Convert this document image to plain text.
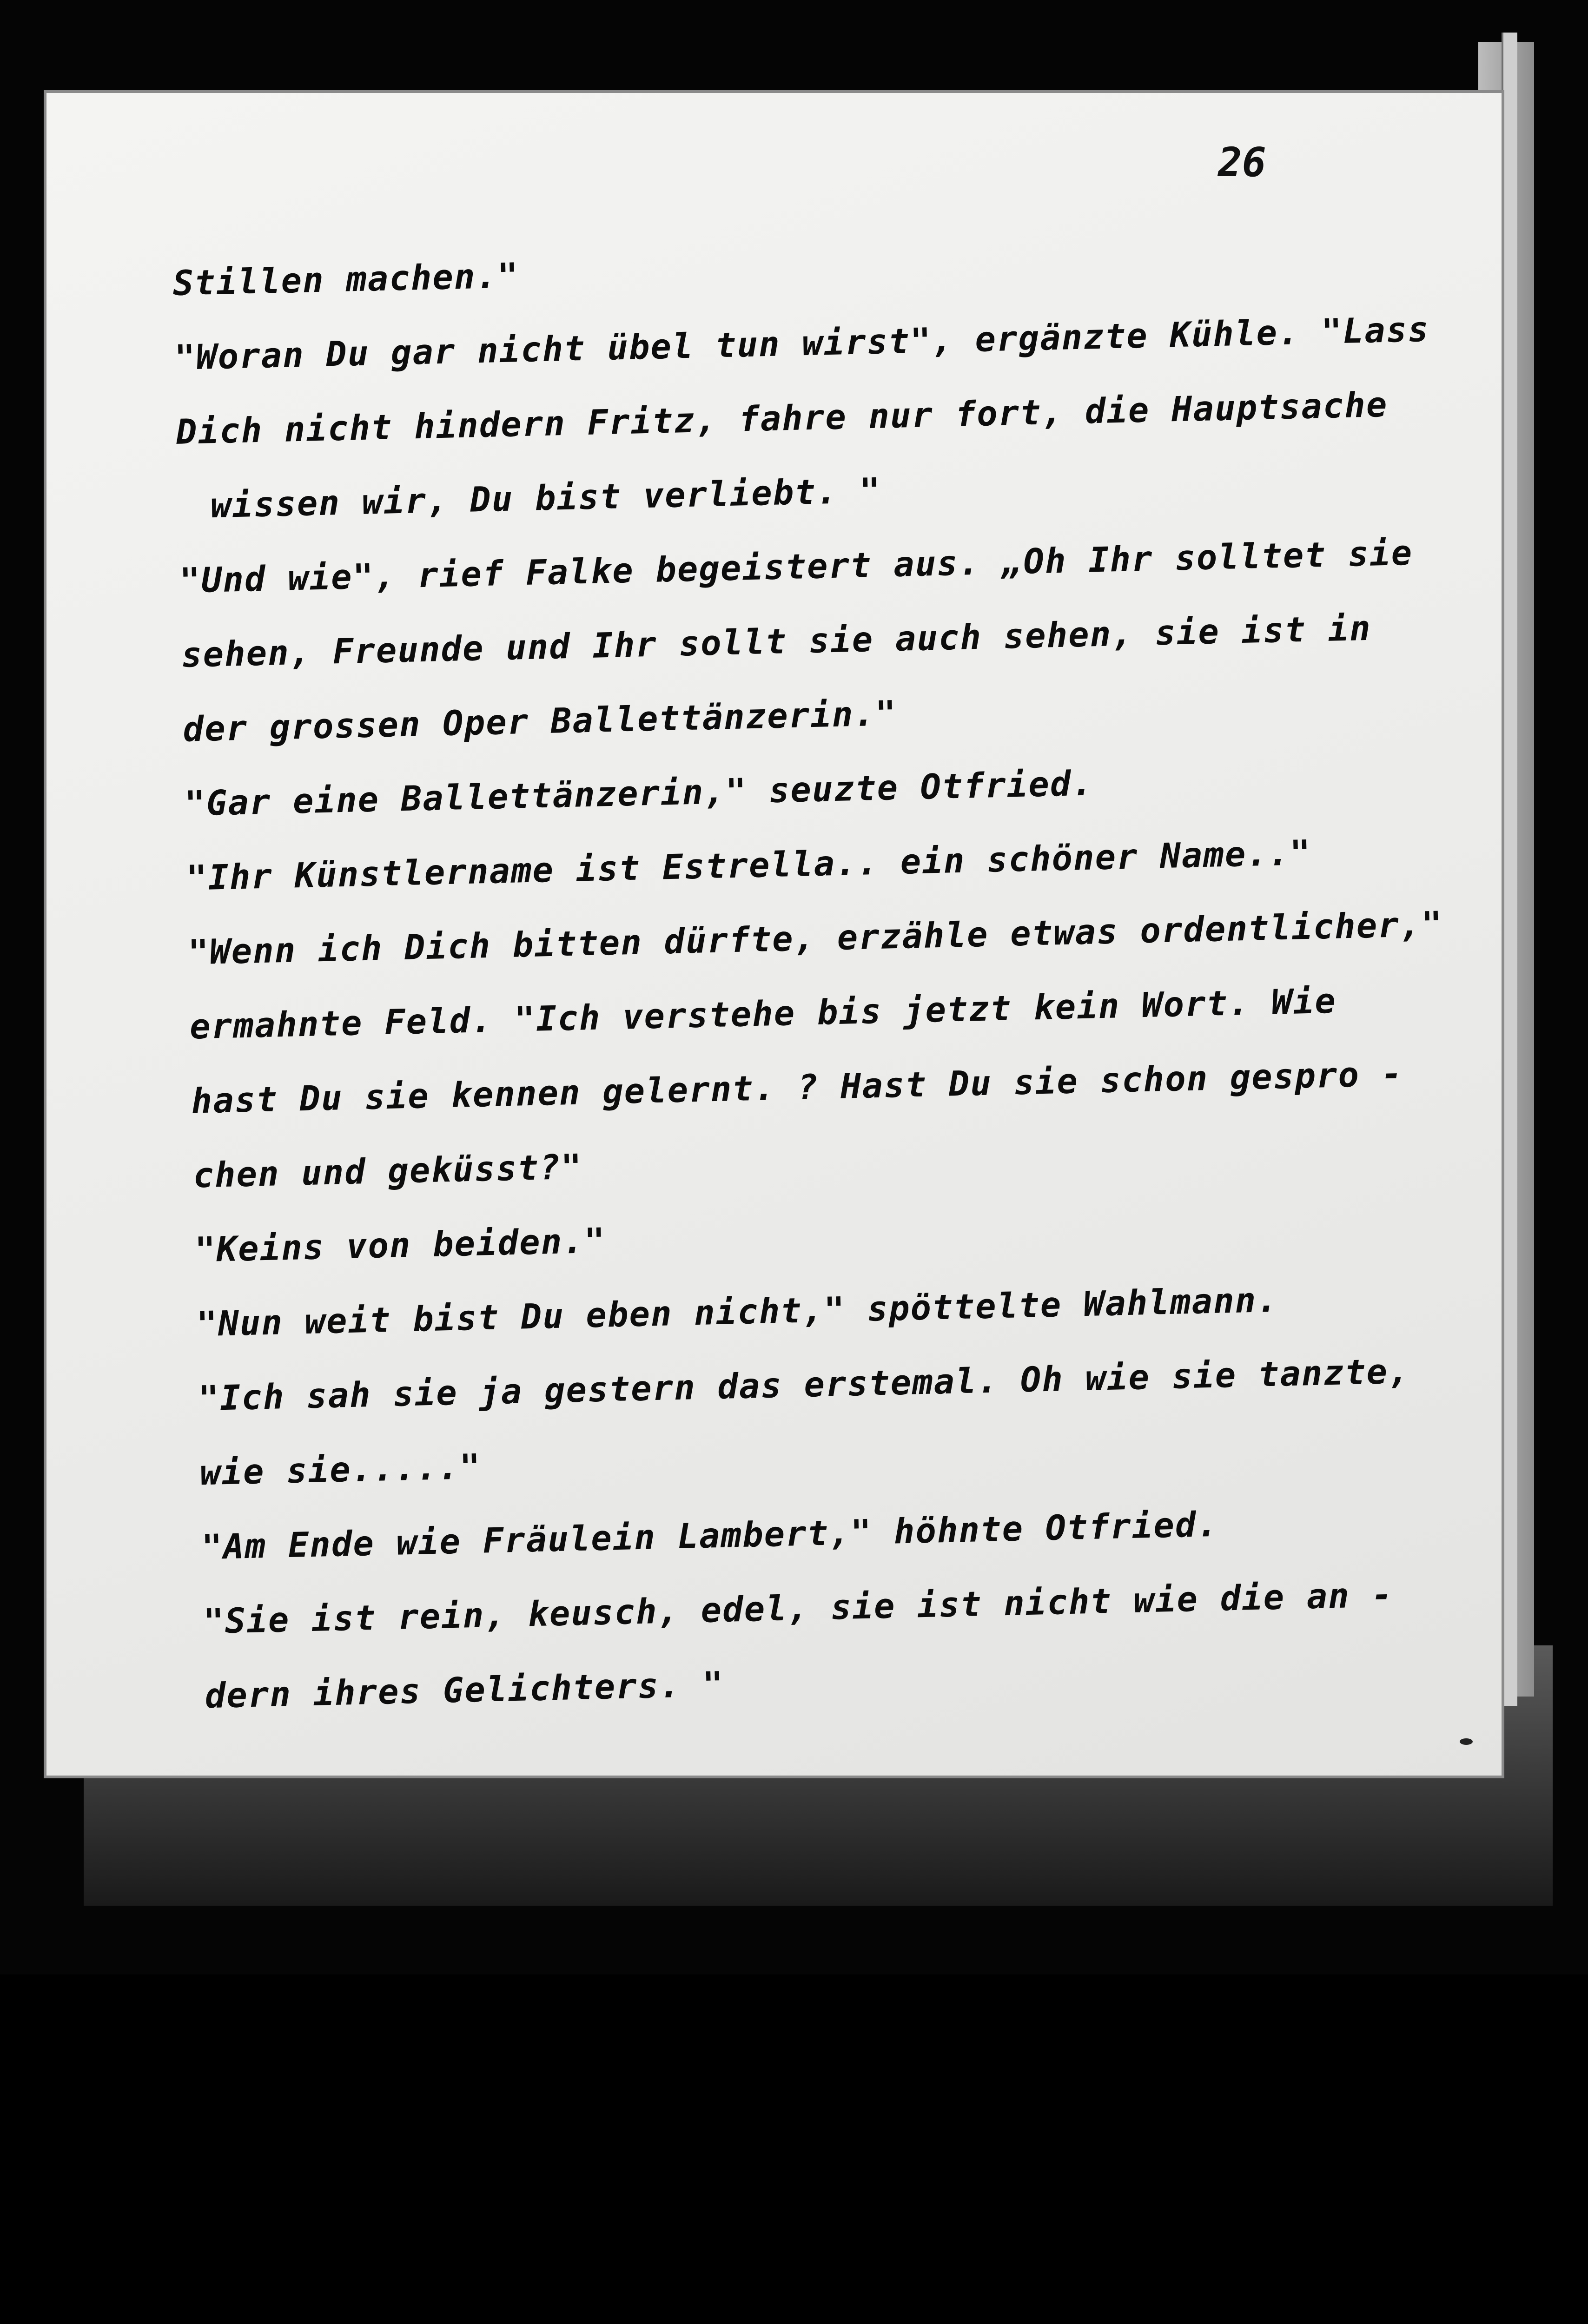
26
Stillen machen."
"Woran Du gar nicht übel tun wirst", ergänzte Kühle. "Lass
Dich nicht hindern Fritz, fahre nur fort, die Hauptsache
wissen wir, Du bist verliebt. "
"Und wie", rief Falke begeistert aus. „Oh Ihr solltet sie
sehen, Freunde und Ihr sollt sie auch sehen, sie ist in
der grossen Oper Ballettänzerin."
"Gar eine Ballettänzerin," seuzte Otfried.
"Ihr Künstlername ist Estrella.. ein schöner Name.."
"Wenn ich Dich bitten dürfte, erzähle etwas ordentlicher,"
ermahnte Feld. "Ich verstehe bis jetzt kein Wort. Wie
hast Du sie kennen gelernt. ? Hast Du sie schon gespro -
chen und geküsst?"
"Keins von beiden."
"Nun weit bist Du eben nicht," spöttelte Wahlmann.
"Ich sah sie ja gestern das erstemal. Oh wie sie tanzte,
wie sie....."
"Am Ende wie Fräulein Lambert," höhnte Otfried.
"Sie ist rein, keusch, edel, sie ist nicht wie die an -
dern ihres Gelichters. "
